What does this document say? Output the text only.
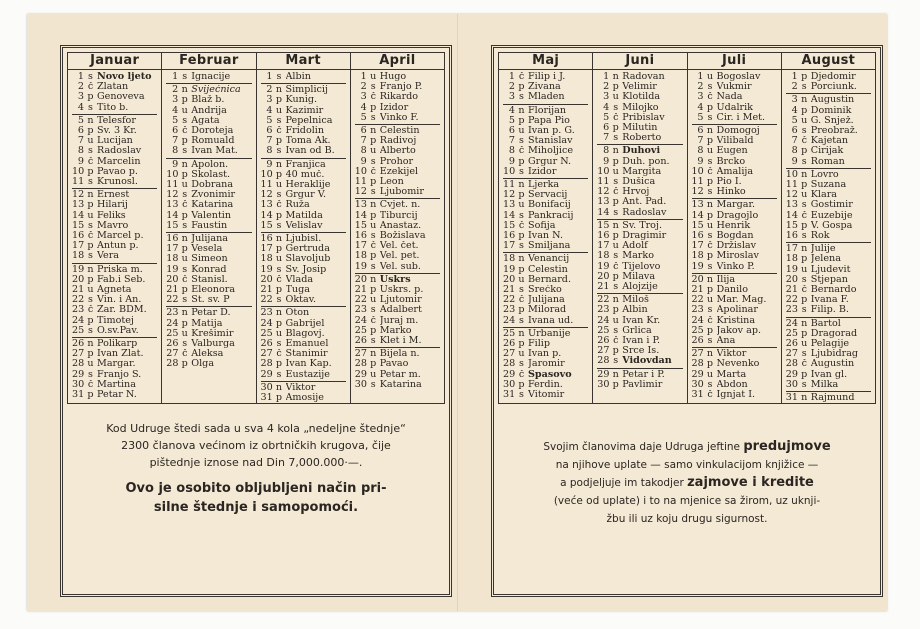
Januar
1 s Novo ljeto
2 č Zlatan
3 p Genoveva
4 s Tito b.
5 n Telesfor
6 p Sv. 3 Kr.
7 u Lucijan
8 s Radoslav
9 č Marcelin
10 p Pavao p.
11 s Krunosl.
12 n Ernest
13 p Hilarij
14 u Feliks
15 s Mavro
16 č Marcel p.
17 p Antun p.
18 s Vera
19 n Priska m.
20 p Fab.i Seb.
21 u Agneta
22 s Vin. i An.
23 č Zar. BDM.
24 p Timotej
25 s O.sv.Pav.
26 n Polikarp
27 p Ivan Zlat.
28 u Margar.
29 s Franjo S.
30 č Martina
31 p Petar N.
Februar
1 s Ignacije
2 n Svijećnica
3 p Blaž b.
4 u Andrija
5 s Agata
6 č Doroteja
7 p Romuald
8 s Ivan Mat.
9 n Apolon.
10 p Skolast.
11 u Dobrana
12 s Zvonimir
13 č Katarina
14 p Valentin
15 s Faustin
16 n Julijana
17 p Vesela
18 u Simeon
19 s Konrad
20 č Stanisl.
21 p Eleonora
22 s St. sv. P
23 n Petar D.
24 p Matija
25 u Krešimir
26 s Valburga
27 č Aleksa
28 p Olga
Mart
1 s Albin
2 n Simplicij
3 p Kunig.
4 u Kazimir
5 s Pepelnica
6 č Fridolin
7 p Toma Ak.
8 s Ivan od B.
9 n Franjica
10 p 40 muč.
11 u Heraklije
12 s Grgur V.
13 č Ruža
14 p Matilda
15 s Velislav
16 n Ljubisl.
17 p Gertruda
18 u Slavoljub
19 s Sv. Josip
20 č Vlada
21 p Tuga
22 s Oktav.
23 n Oton
24 p Gabrijel
25 u Blagovj.
26 s Emanuel
27 č Stanimir
28 p Ivan Kap.
29 s Eustazije
30 n Viktor
31 p Amosije
April
1 u Hugo
2 s Franjo P.
3 č Rikardo
4 p Izidor
5 s Vinko F.
6 n Celestin
7 p Radivoj
8 u Alberto
9 s Prohor
10 č Ezekijel
11 p Leon
12 s Ljubomir
13 n Cvjet. n.
14 p Tiburcij
15 u Anastaz.
16 s Božislava
17 č Vel. čet.
18 p Vel. pet.
19 s Vel. sub.
20 n Uskrs
21 p Uskrs. p.
22 u Ljutomir
23 s Adalbert
24 č Juraj m.
25 p Marko
26 s Klet i M.
27 n Bijela n.
28 p Pavao
29 u Petar m.
30 s Katarina
Kod Udruge štedi sada u sva 4 kola „nedeljne štednje“
2300 članova većinom iz obrtničkih krugova, čije
pištednje iznose nad Din 7,000.000·—.
Ovo je osobito obljubljeni način pri-
silne štednje i samopomoći.
Maj
1 č Filip i J.
2 p Živana
3 s Mladen
4 n Florijan
5 p Papa Pio
6 u Ivan p. G.
7 s Stanislav
8 č Miholjice
9 p Grgur N.
10 s Izidor
11 n Ljerka
12 p Servacij
13 u Bonifacij
14 s Pankracij
15 č Sofija
16 p Ivan N.
17 s Smiljana
18 n Venancij
19 p Celestin
20 u Bernard.
21 s Srećko
22 č Julijana
23 p Milorad
24 s Ivana ud.
25 n Urbanije
26 p Filip
27 u Ivan p.
28 s Jaromir
29 č Spasovo
30 p Ferdin.
31 s Vitomir
Juni
1 n Radovan
2 p Velimir
3 u Klotilda
4 s Milojko
5 č Pribislav
6 p Milutin
7 s Roberto
8 n Duhovi
9 p Duh. pon.
10 u Margita
11 s Dušica
12 č Hrvoj
13 p Ant. Pad.
14 s Radoslav
15 n Sv. Troj.
16 p Dragimir
17 u Adolf
18 s Marko
19 č Tijelovo
20 p Milava
21 s Alojzije
22 n Miloš
23 p Albin
24 u Ivan Kr.
25 s Grlica
26 č Ivan i P.
27 p Srce Is.
28 s Vidovdan
29 n Petar i P.
30 p Pavlimir
Juli
1 u Bogoslav
2 s Vukmir
3 č Nada
4 p Udalrik
5 s Ćir. i Met.
6 n Domogoj
7 p Vilibald
8 u Eugen
9 s Brcko
10 č Amalija
11 p Pio I.
12 s Hinko
13 n Margar.
14 p Dragojlo
15 u Henrik
16 s Bogdan
17 č Držislav
18 p Miroslav
19 s Vinko P.
20 n Ilija
21 p Danilo
22 u Mar. Mag.
23 s Apolinar
24 č Kristina
25 p Jakov ap.
26 s Ana
27 n Viktor
28 p Nevenko
29 u Marta
30 s Abdon
31 č Ignjat I.
August
1 p Djedomir
2 s Porciunk.
3 n Augustin
4 p Dominik
5 u G. Snjež.
6 s Preobraž.
7 č Kajetan
8 p Ćirijak
9 s Roman
10 n Lovro
11 p Suzana
12 u Klara
13 s Gostimir
14 č Euzebije
15 p V. Gospa
16 s Rok
17 n Julije
18 p Jelena
19 u Ljudevit
20 s Stjepan
21 č Bernardo
22 p Ivana F.
23 s Filip. B.
24 n Bartol
25 p Dragorad
26 u Pelagije
27 s Ljubidrag
28 č Augustin
29 p Ivan gl.
30 s Milka
31 n Rajmund
Svojim članovima daje Udruga jeftine predujmove
na njihove uplate — samo vinkulacijom knjižice —
a podjeljuje im takodjer zajmove i kredite
(veće od uplate) i to na mjenice sa žirom, uz uknji-
žbu ili uz koju drugu sigurnost.
